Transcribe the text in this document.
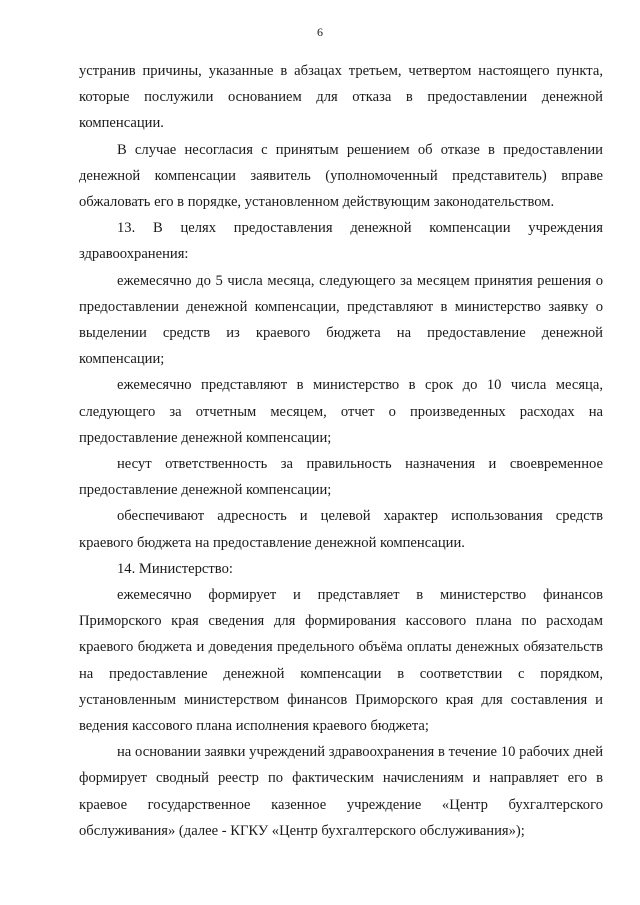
6

устранив причины, указанные в абзацах третьем, четвертом настоящего пункта, которые послужили основанием для отказа в предоставлении денежной компенсации.

В случае несогласия с принятым решением об отказе в предоставлении денежной компенсации заявитель (уполномоченный представитель) вправе обжаловать его в порядке, установленном действующим законодательством.

13. В целях предоставления денежной компенсации учреждения здравоохранения:

ежемесячно до 5 числа месяца, следующего за месяцем принятия решения о предоставлении денежной компенсации, представляют в министерство заявку о выделении средств из краевого бюджета на предоставление денежной компенсации;

ежемесячно представляют в министерство в срок до 10 числа месяца, следующего за отчетным месяцем, отчет о произведенных расходах на предоставление денежной компенсации;

несут ответственность за правильность назначения и своевременное предоставление денежной компенсации;

обеспечивают адресность и целевой характер использования средств краевого бюджета на предоставление денежной компенсации.

14. Министерство:

ежемесячно формирует и представляет в министерство финансов Приморского края сведения для формирования кассового плана по расходам краевого бюджета и доведения предельного объёма оплаты денежных обязательств на предоставление денежной компенсации в соответствии с порядком, установленным министерством финансов Приморского края для составления и ведения кассового плана исполнения краевого бюджета;

на основании заявки учреждений здравоохранения в течение 10 рабочих дней формирует сводный реестр по фактическим начислениям и направляет его в краевое государственное казенное учреждение «Центр бухгалтерского обслуживания» (далее - КГКУ «Центр бухгалтерского обслуживания»);
